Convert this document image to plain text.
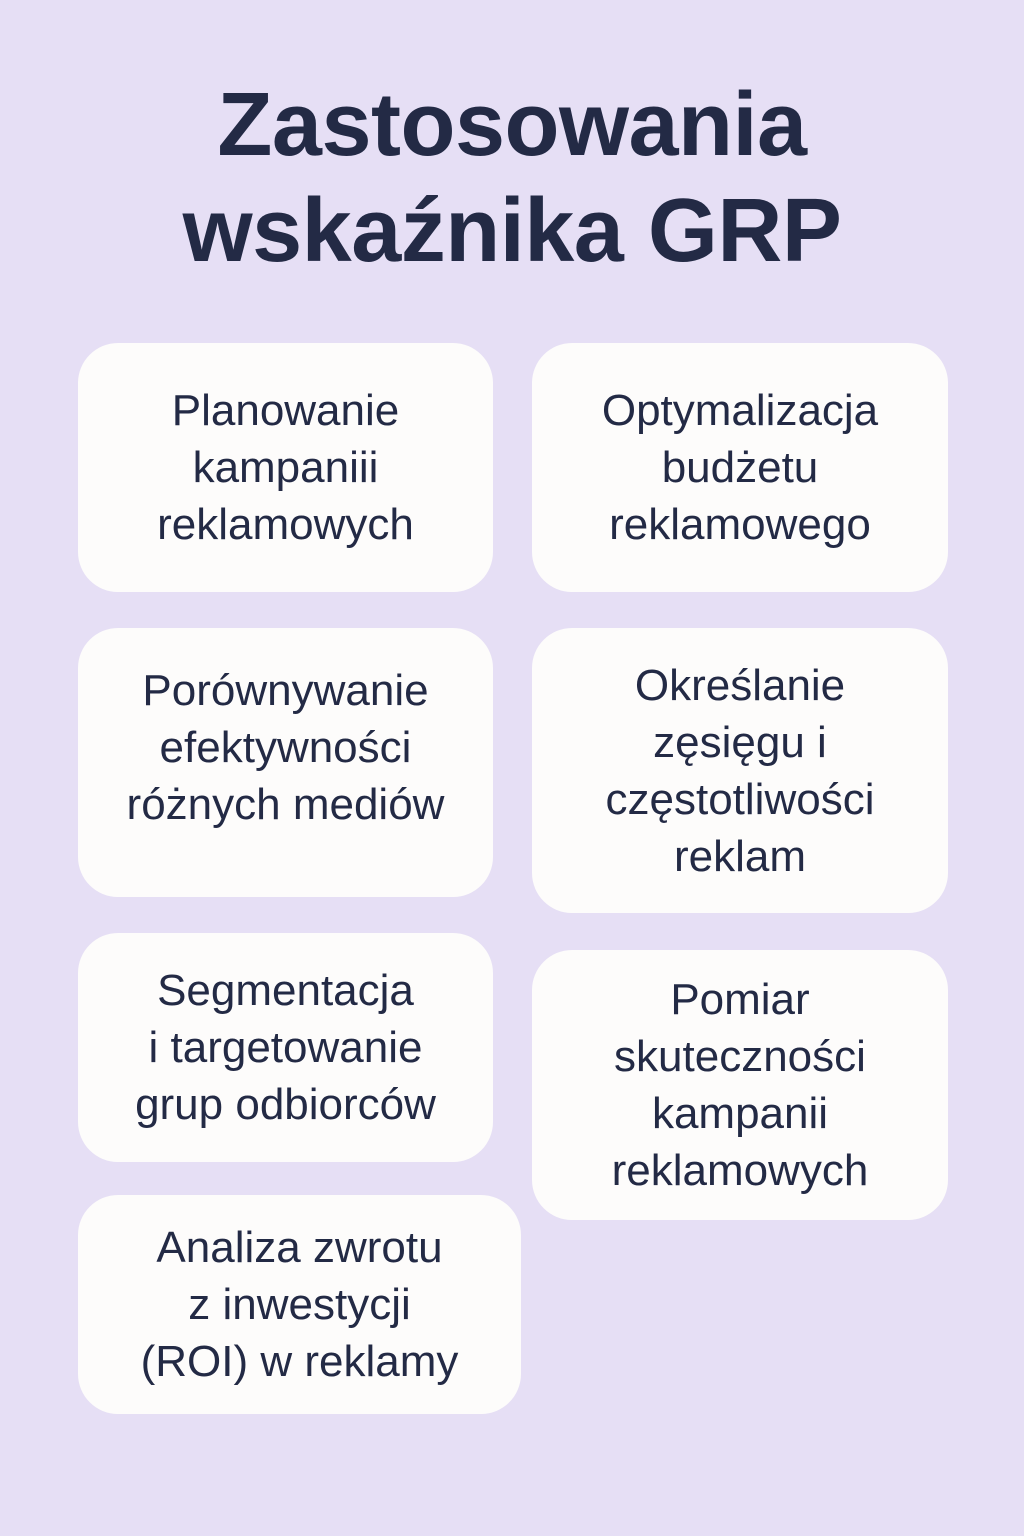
Zastosowania
wskaźnika GRP
Planowanie
kampaniii
reklamowych
Optymalizacja
budżetu
reklamowego
Porównywanie
efektywności
różnych mediów
Określanie
zęsięgu i
częstotliwości
reklam
Segmentacja
i targetowanie
grup odbiorców
Pomiar
skuteczności
kampanii
reklamowych
Analiza zwrotu
z inwestycji
(ROI) w reklamy
